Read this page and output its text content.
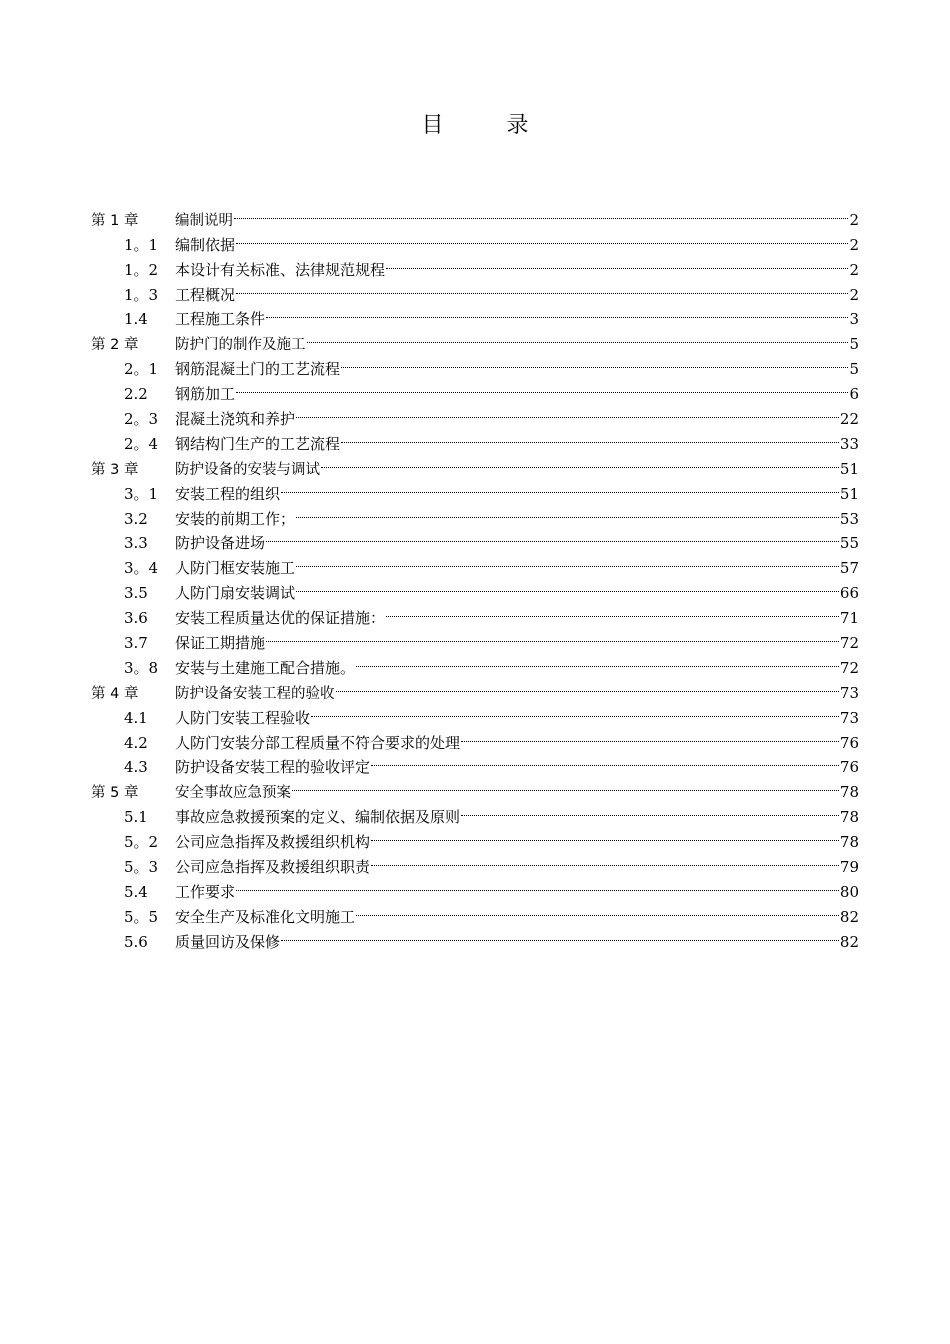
目 录
第 1 章	编制说明	2
1。1	编制依据	2
1。2	本设计有关标准、法律规范规程	2
1。3	工程概况	2
1.4	工程施工条件	3
第 2 章	防护门的制作及施工	5
2。1	钢筋混凝土门的工艺流程	5
2.2	钢筋加工	6
2。3	混凝土浇筑和养护	22
2。4	钢结构门生产的工艺流程	33
第 3 章	防护设备的安装与调试	51
3。1	安装工程的组织	51
3.2	安装的前期工作；	53
3.3	防护设备进场	55
3。4	人防门框安装施工	57
3.5	人防门扇安装调试	66
3.6	安装工程质量达优的保证措施：	71
3.7	保证工期措施	72
3。8	安装与土建施工配合措施。	72
第 4 章	防护设备安装工程的验收	73
4.1	人防门安装工程验收	73
4.2	人防门安装分部工程质量不符合要求的处理	76
4.3	防护设备安装工程的验收评定	76
第 5 章	安全事故应急预案	78
5.1	事故应急救援预案的定义、编制依据及原则	78
5。2	公司应急指挥及救援组织机构	78
5。3	公司应急指挥及救援组织职责	79
5.4	工作要求	80
5。5	安全生产及标准化文明施工	82
5.6	质量回访及保修	82
